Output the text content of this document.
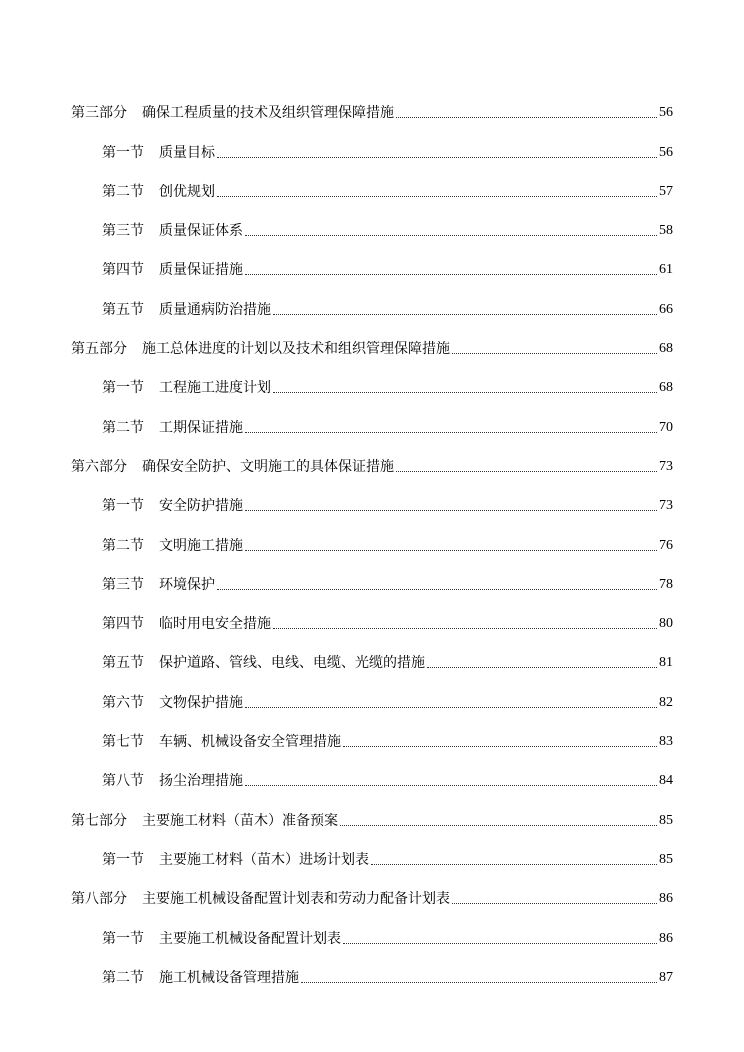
第三部分 确保工程质量的技术及组织管理保障措施	56
第一节 质量目标	56
第二节 创优规划	57
第三节 质量保证体系	58
第四节 质量保证措施	61
第五节 质量通病防治措施	66
第五部分 施工总体进度的计划以及技术和组织管理保障措施	68
第一节 工程施工进度计划	68
第二节 工期保证措施	70
第六部分 确保安全防护、文明施工的具体保证措施	73
第一节 安全防护措施	73
第二节 文明施工措施	76
第三节 环境保护	78
第四节 临时用电安全措施	80
第五节 保护道路、管线、电线、电缆、光缆的措施	81
第六节 文物保护措施	82
第七节 车辆、机械设备安全管理措施	83
第八节 扬尘治理措施	84
第七部分 主要施工材料（苗木）准备预案	85
第一节 主要施工材料（苗木）进场计划表	85
第八部分 主要施工机械设备配置计划表和劳动力配备计划表	86
第一节 主要施工机械设备配置计划表	86
第二节 施工机械设备管理措施	87
